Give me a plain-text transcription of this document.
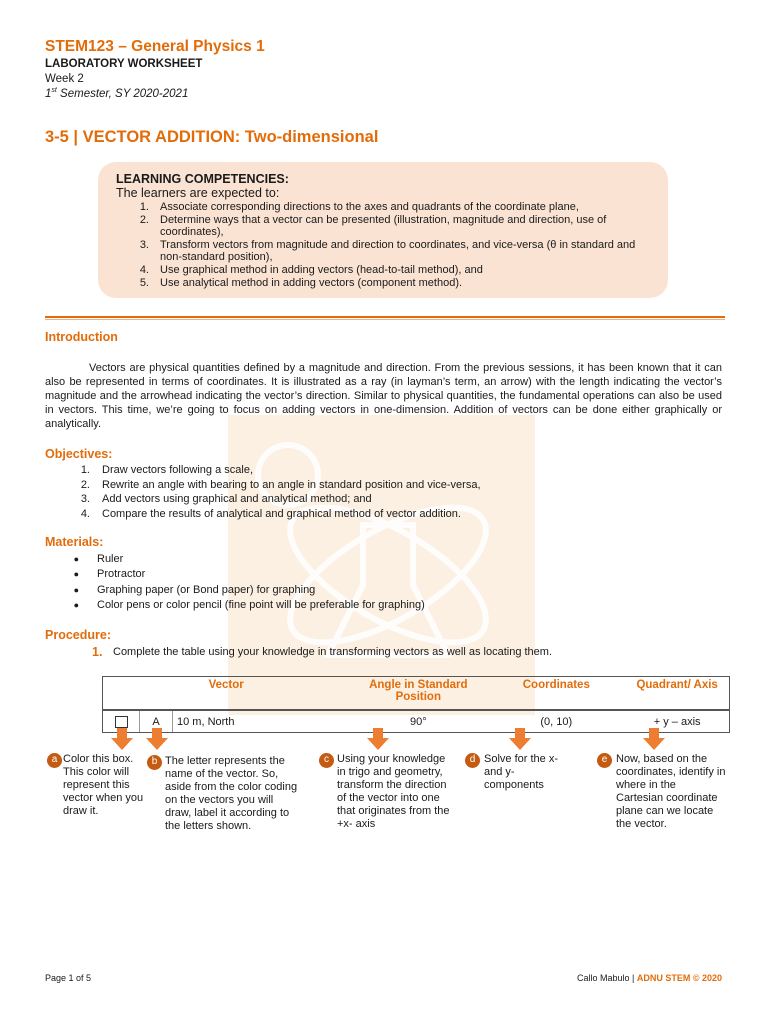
STEM123 – General Physics 1
LABORATORY WORKSHEET
Week 2
1st Semester, SY 2020-2021
3-5 | VECTOR ADDITION: Two-dimensional
LEARNING COMPETENCIES:
The learners are expected to:
1.	Associate corresponding directions to the axes and quadrants of the coordinate plane,
2.	Determine ways that a vector can be presented (illustration, magnitude and direction, use of coordinates),
3.	Transform vectors from magnitude and direction to coordinates, and vice-versa (θ in standard and non-standard position),
4.	Use graphical method in adding vectors (head-to-tail method), and
5.	Use analytical method in adding vectors (component method).
Introduction

Vectors are physical quantities defined by a magnitude and direction. From the previous sessions, it has been known that it can also be represented in terms of coordinates. It is illustrated as a ray (in layman’s term, an arrow) with the length indicating the vector’s magnitude and the arrowhead indicating the vector’s direction. Similar to physical quantities, the fundamental operations can also be used in vectors. This time, we’re going to focus on adding vectors in one-dimension. Addition of vectors can be done either graphically or analytically.

Objectives:
1.	Draw vectors following a scale,
2.	Rewrite an angle with bearing to an angle in standard position and vice-versa,
3.	Add vectors using graphical and analytical method; and
4.	Compare the results of analytical and graphical method of vector addition.
Materials:
●	Ruler
●	Protractor
●	Graphing paper (or Bond paper) for graphing
●	Color pens or color pencil (fine point will be preferable for graphing)
Procedure:
1. Complete the table using your knowledge in transforming vectors as well as locating them.
Vector			Angle in Standard Position	Coordinates	Quadrant/ Axis
	A	10 m, North	90°	(0, 10)	+ y – axis
a Color this box. This color will represent this vector when you draw it.
b The letter represents the name of the vector. So, aside from the color coding on the vectors you will draw, label it according to the letters shown.
c Using your knowledge in trigo and geometry, transform the direction of the vector into one that originates from the +x- axis
d Solve for the x- and y- components
e Now, based on the coordinates, identify in where in the Cartesian coordinate plane can we locate the vector.
Page 1 of 5	Callo Mabulo | ADNU STEM © 2020
